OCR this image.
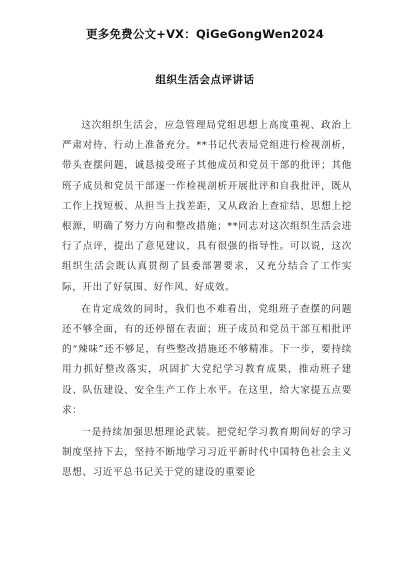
更多免费公文+VX：QiGeGongWen2024
组织生活会点评讲话

这次组织生活会，应急管理局党组思想上高度重视、政治上严肃对待、行动上准备充分。**书记代表局党组进行检视剖析，带头查摆问题，诚恳接受班子其他成员和党员干部的批评；其他班子成员和党员干部逐一作检视剖析开展批评和自我批评，既从工作上找短板、从担当上找差距，又从政治上查症结、思想上挖根源，明确了努力方向和整改措施；**同志对这次组织生活会进行了点评，提出了意见建议，具有很强的指导性。可以说，这次组织生活会既认真贯彻了县委部署要求，又充分结合了工作实际，开出了好氛围、好作风、好成效。

在肯定成效的同时，我们也不难看出，党组班子查摆的问题还不够全面，有的还停留在表面；班子成员和党员干部互相批评的“辣味”还不够足，有些整改措施还不够精准。下一步，要持续用力抓好整改落实，巩固扩大党纪学习教育成果，推动班子建设、队伍建设、安全生产工作上水平。在这里，给大家提五点要求：

一是持续加强思想理论武装。把党纪学习教育期间好的学习制度坚持下去，坚持不断地学习习近平新时代中国特色社会主义思想、习近平总书记关于党的建设的重要论
